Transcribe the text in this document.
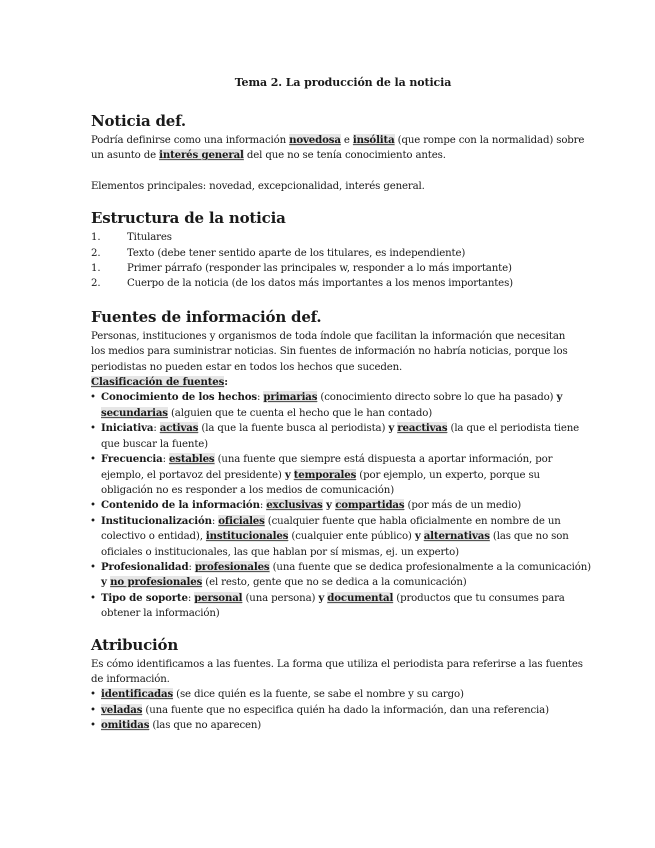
Tema 2. La producción de la noticia
Noticia def.

Podría definirse como una información novedosa e insólita (que rompe con la normalidad) sobre
un asunto de interés general del que no se tenía conocimiento antes.

Elementos principales: novedad, excepcionalidad, interés general.

Estructura de la noticia
1.	Titulares
2.	Texto (debe tener sentido aparte de los titulares, es independiente)
1.	Primer párrafo (responder las principales w, responder a lo más importante)
2.	Cuerpo de la noticia (de los datos más importantes a los menos importantes)
Fuentes de información def.

Personas, instituciones y organismos de toda índole que facilitan la información que necesitan
los medios para suministrar noticias. Sin fuentes de información no habría noticias, porque los
periodistas no pueden estar en todos los hechos que suceden.

Clasificación de fuentes:

• Conocimiento de los hechos: primarias (conocimiento directo sobre lo que ha pasado) y
secundarias (alguien que te cuenta el hecho que le han contado)
• Iniciativa: activas (la que la fuente busca al periodista) y reactivas (la que el periodista tiene
que buscar la fuente)
• Frecuencia: estables (una fuente que siempre está dispuesta a aportar información, por
ejemplo, el portavoz del presidente) y temporales (por ejemplo, un experto, porque su
obligación no es responder a los medios de comunicación)
• Contenido de la información: exclusivas y compartidas (por más de un medio)
• Institucionalización: oficiales (cualquier fuente que habla oficialmente en nombre de un
colectivo o entidad), institucionales (cualquier ente público) y alternativas (las que no son
oficiales o institucionales, las que hablan por sí mismas, ej. un experto)
• Profesionalidad: profesionales (una fuente que se dedica profesionalmente a la comunicación)
y no profesionales (el resto, gente que no se dedica a la comunicación)
• Tipo de soporte: personal (una persona) y documental (productos que tu consumes para
obtener la información)
Atribución

Es cómo identificamos a las fuentes. La forma que utiliza el periodista para referirse a las fuentes
de información.

• identificadas (se dice quién es la fuente, se sabe el nombre y su cargo)
• veladas (una fuente que no especifica quién ha dado la información, dan una referencia)
• omitidas (las que no aparecen)
